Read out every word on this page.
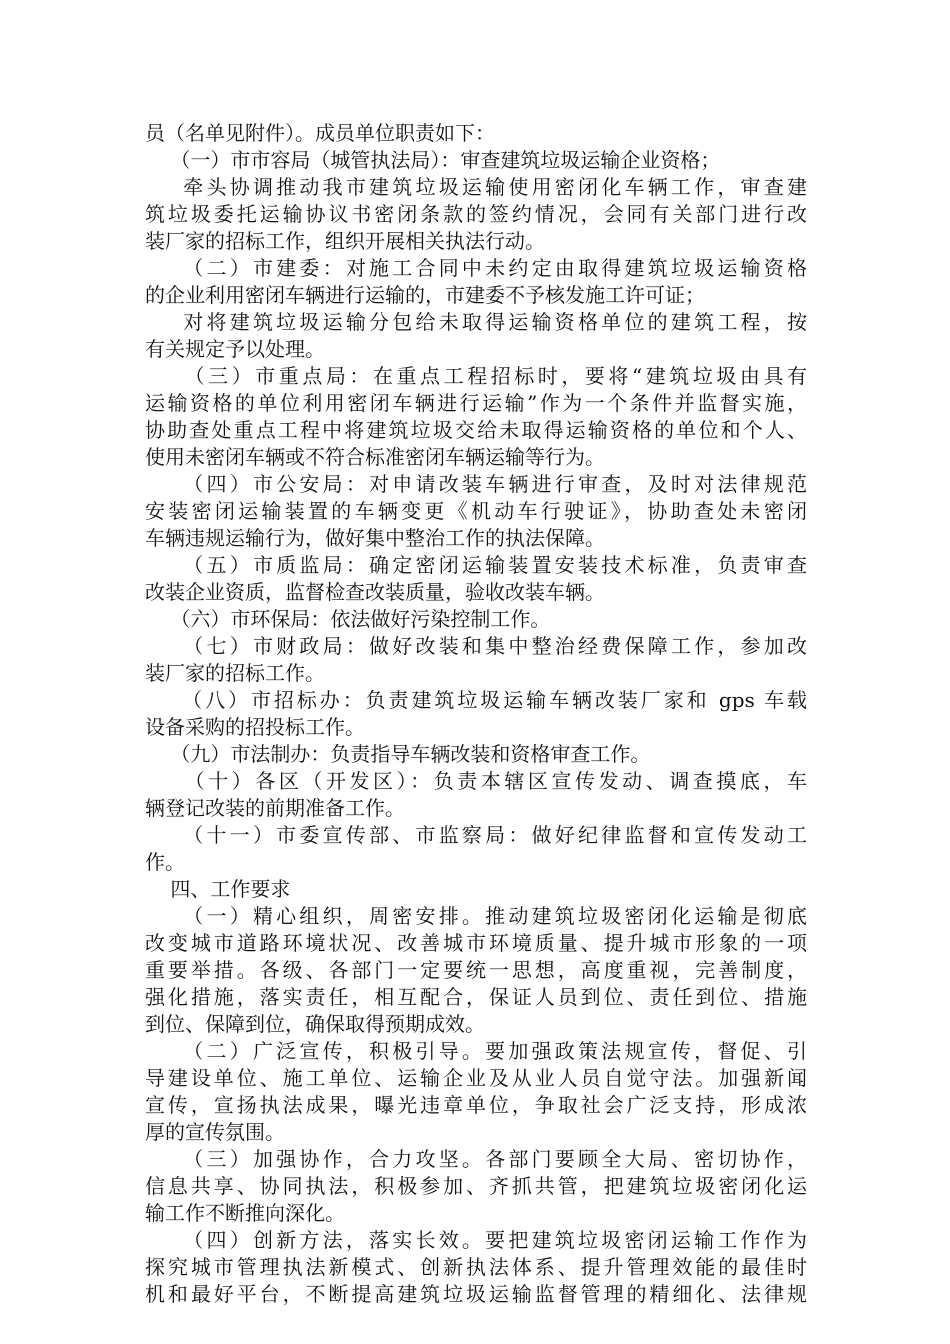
员（名单见附件）。成员单位职责如下：
（一）市市容局（城管执法局）：审查建筑垃圾运输企业资格；
牵头协调推动我市建筑垃圾运输使用密闭化车辆工作，审查建
筑垃圾委托运输协议书密闭条款的签约情况，会同有关部门进行改
装厂家的招标工作，组织开展相关执法行动。
（二）市建委：对施工合同中未约定由取得建筑垃圾运输资格
的企业利用密闭车辆进行运输的，市建委不予核发施工许可证；
对将建筑垃圾运输分包给未取得运输资格单位的建筑工程，按
有关规定予以处理。
（三）市重点局：在重点工程招标时，要将“建筑垃圾由具有
运输资格的单位利用密闭车辆进行运输”作为一个条件并监督实施，
协助查处重点工程中将建筑垃圾交给未取得运输资格的单位和个人、
使用未密闭车辆或不符合标准密闭车辆运输等行为。
（四）市公安局：对申请改装车辆进行审查，及时对法律规范
安装密闭运输装置的车辆变更《机动车行驶证》，协助查处未密闭
车辆违规运输行为，做好集中整治工作的执法保障。
（五）市质监局：确定密闭运输装置安装技术标准，负责审查
改装企业资质，监督检查改装质量，验收改装车辆。
（六）市环保局：依法做好污染控制工作。
（七）市财政局：做好改装和集中整治经费保障工作，参加改
装厂家的招标工作。
（八）市招标办：负责建筑垃圾运输车辆改装厂家和 gps 车载
设备采购的招投标工作。
（九）市法制办：负责指导车辆改装和资格审查工作。
（十）各区（开发区）：负责本辖区宣传发动、调查摸底，车
辆登记改装的前期准备工作。
（十一）市委宣传部、市监察局：做好纪律监督和宣传发动工
作。
四、工作要求
（一）精心组织，周密安排。推动建筑垃圾密闭化运输是彻底
改变城市道路环境状况、改善城市环境质量、提升城市形象的一项
重要举措。各级、各部门一定要统一思想，高度重视，完善制度，
强化措施，落实责任，相互配合，保证人员到位、责任到位、措施
到位、保障到位，确保取得预期成效。
（二）广泛宣传，积极引导。要加强政策法规宣传，督促、引
导建设单位、施工单位、运输企业及从业人员自觉守法。加强新闻
宣传，宣扬执法成果，曝光违章单位，争取社会广泛支持，形成浓
厚的宣传氛围。
（三）加强协作，合力攻坚。各部门要顾全大局、密切协作，
信息共享、协同执法，积极参加、齐抓共管，把建筑垃圾密闭化运
输工作不断推向深化。
（四）创新方法，落实长效。要把建筑垃圾密闭运输工作作为
探究城市管理执法新模式、创新执法体系、提升管理效能的最佳时
机和最好平台，不断提高建筑垃圾运输监督管理的精细化、法律规
